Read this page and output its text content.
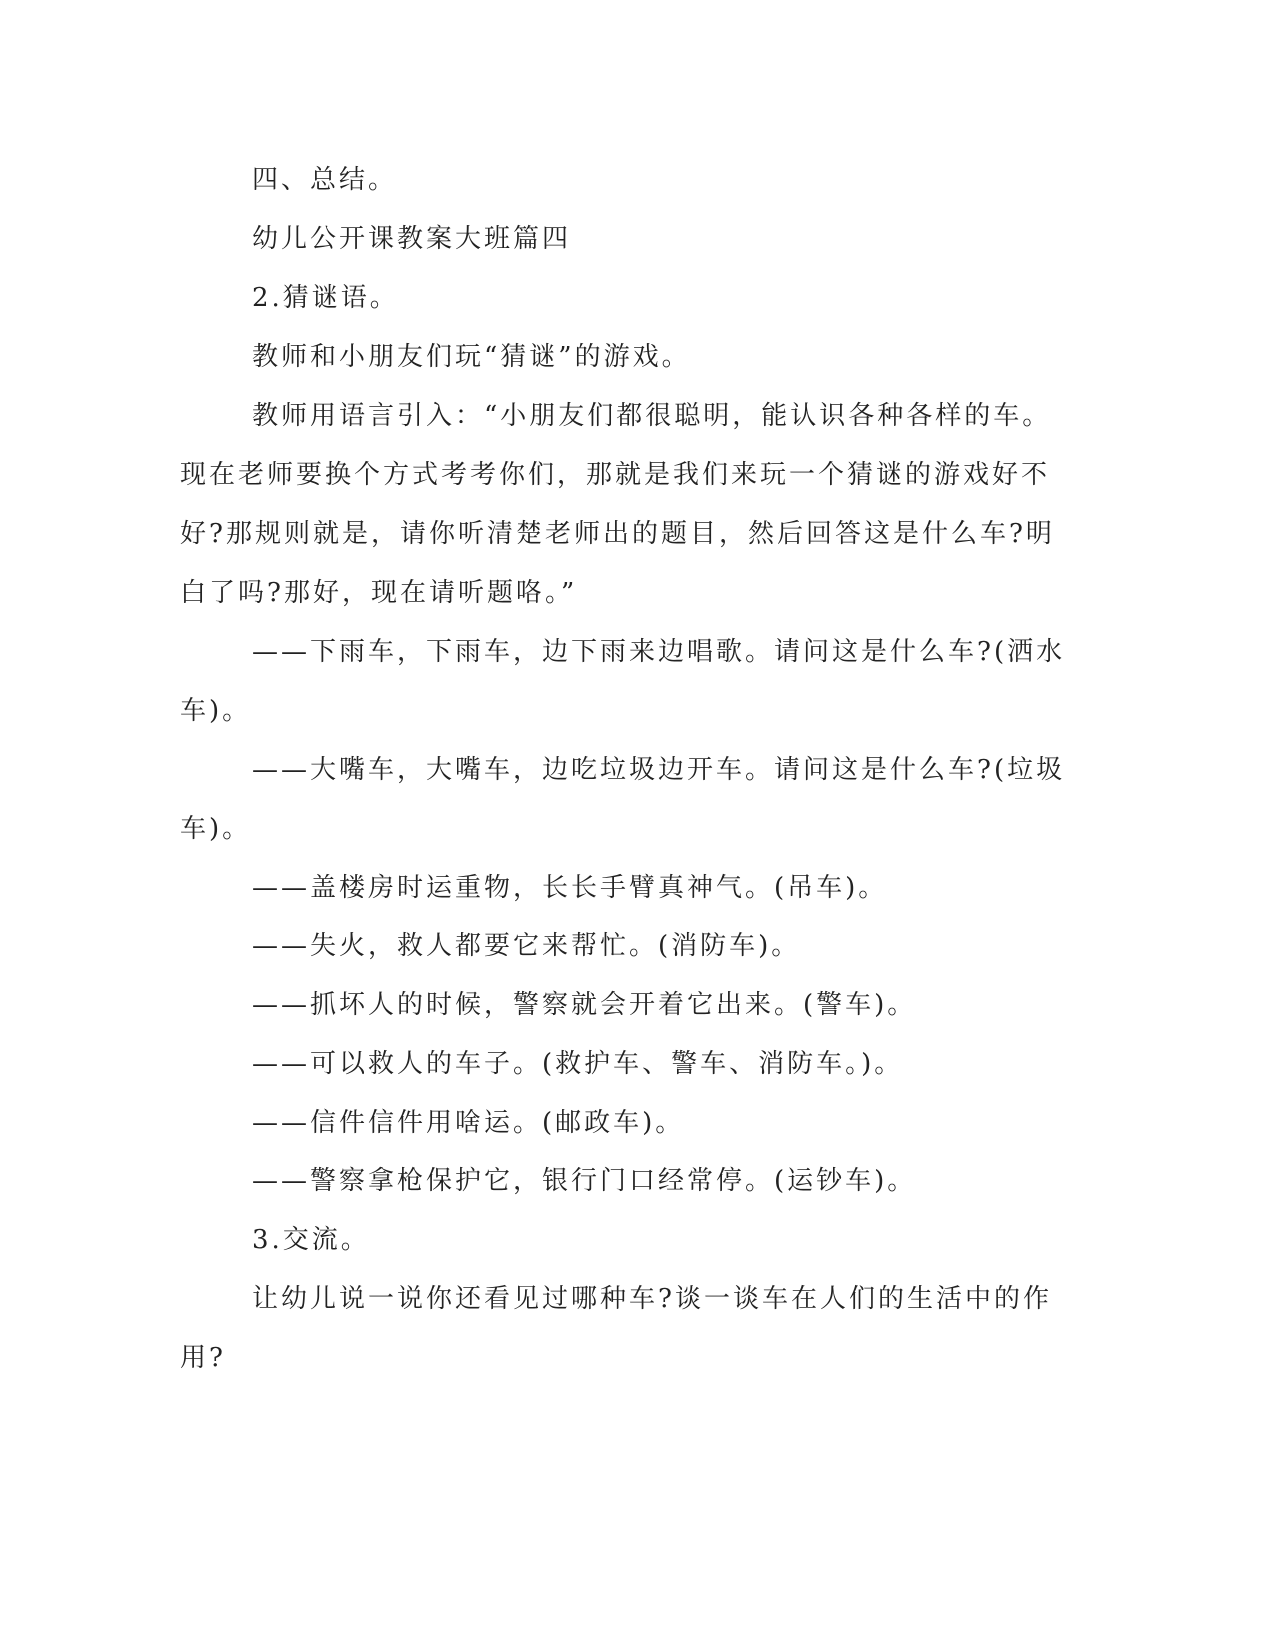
四、总结。

幼儿公开课教案大班篇四

2.猜谜语。

教师和小朋友们玩“猜谜”的游戏。

教师用语言引入：“小朋友们都很聪明，能认识各种各样的车。

现在老师要换个方式考考你们，那就是我们来玩一个猜谜的游戏好不

好?那规则就是，请你听清楚老师出的题目，然后回答这是什么车?明

白了吗?那好，现在请听题咯。”

——下雨车，下雨车，边下雨来边唱歌。请问这是什么车?(洒水

车)。

——大嘴车，大嘴车，边吃垃圾边开车。请问这是什么车?(垃圾

车)。

——盖楼房时运重物，长长手臂真神气。(吊车)。

——失火，救人都要它来帮忙。(消防车)。

——抓坏人的时候，警察就会开着它出来。(警车)。

——可以救人的车子。(救护车、警车、消防车。)。

——信件信件用啥运。(邮政车)。

——警察拿枪保护它，银行门口经常停。(运钞车)。

3.交流。

让幼儿说一说你还看见过哪种车?谈一谈车在人们的生活中的作

用?
